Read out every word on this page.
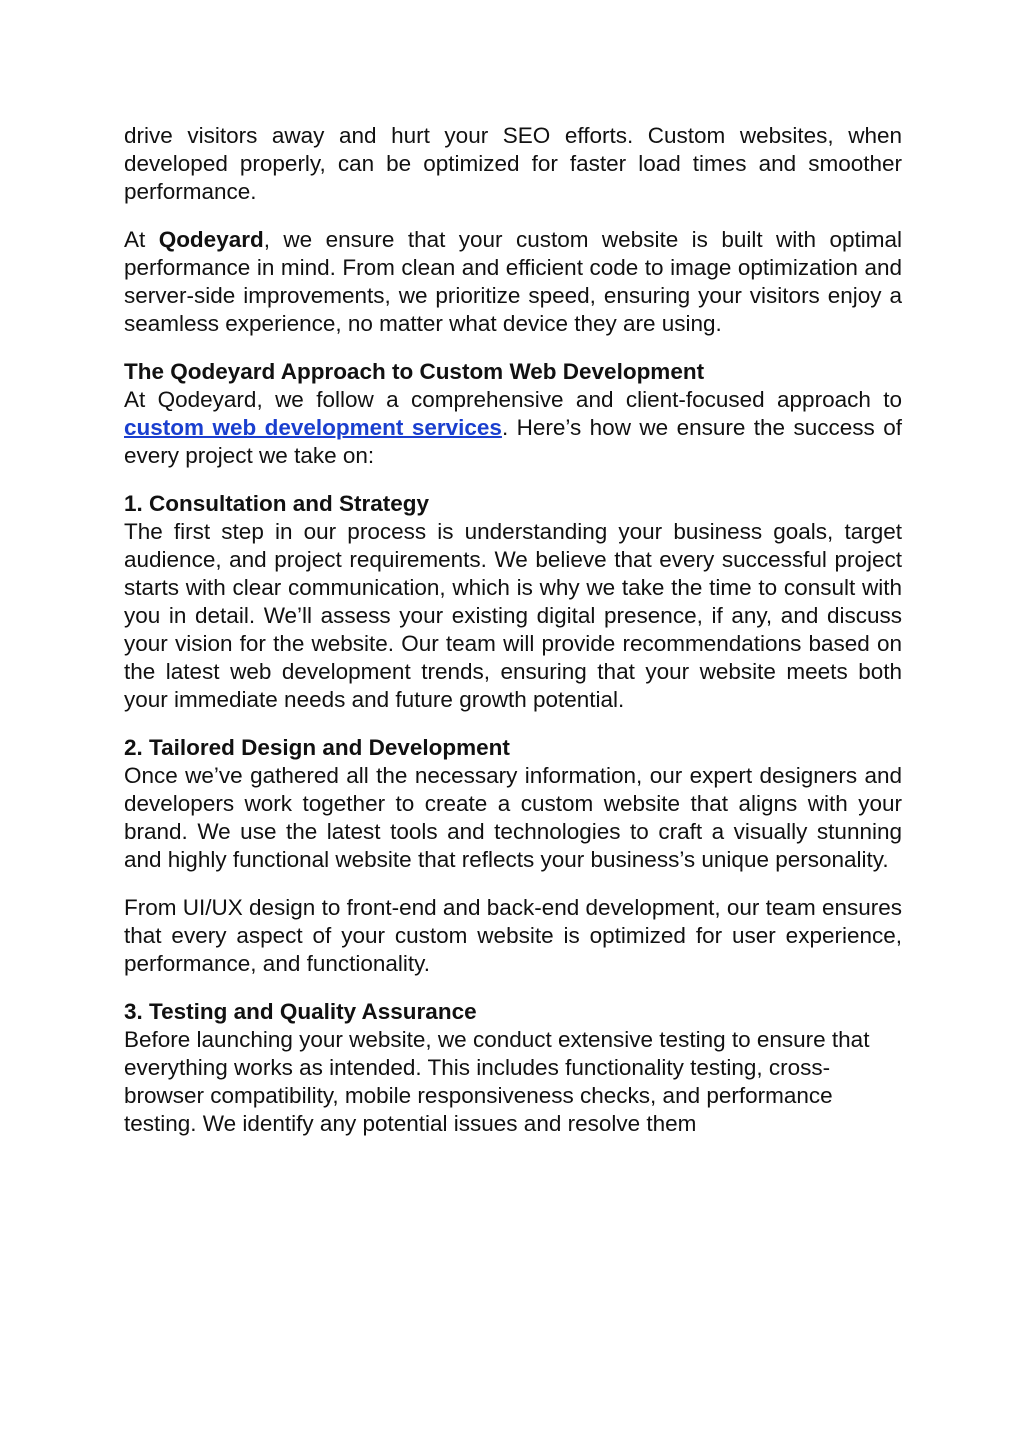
drive visitors away and hurt your SEO efforts. Custom websites, when developed properly, can be optimized for faster load times and smoother performance.

At Qodeyard, we ensure that your custom website is built with optimal performance in mind. From clean and efficient code to image optimization and server-side improvements, we prioritize speed, ensuring your visitors enjoy a seamless experience, no matter what device they are using.

The Qodeyard Approach to Custom Web Development

At Qodeyard, we follow a comprehensive and client-focused approach to custom web development services. Here’s how we ensure the success of every project we take on:

1. Consultation and Strategy

The first step in our process is understanding your business goals, target audience, and project requirements. We believe that every successful project starts with clear communication, which is why we take the time to consult with you in detail. We’ll assess your existing digital presence, if any, and discuss your vision for the website. Our team will provide recommendations based on the latest web development trends, ensuring that your website meets both your immediate needs and future growth potential.

2. Tailored Design and Development

Once we’ve gathered all the necessary information, our expert designers and developers work together to create a custom website that aligns with your brand. We use the latest tools and technologies to craft a visually stunning and highly functional website that reflects your business’s unique personality.

From UI/UX design to front-end and back-end development, our team ensures that every aspect of your custom website is optimized for user experience, performance, and functionality.

3. Testing and Quality Assurance

Before launching your website, we conduct extensive testing to ensure that everything works as intended. This includes functionality testing, cross-browser compatibility, mobile responsiveness checks, and performance testing. We identify any potential issues and resolve them
